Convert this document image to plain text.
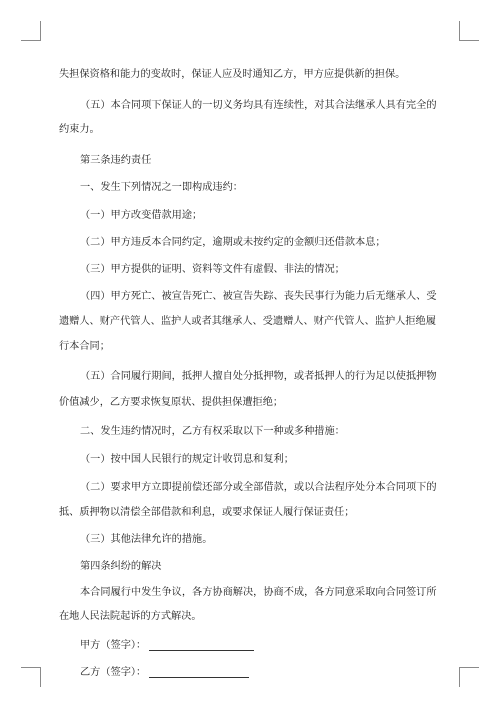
失担保资格和能力的变故时，保证人应及时通知乙方，甲方应提供新的担保。

（五）本合同项下保证人的一切义务均具有连续性，对其合法继承人具有完全的

约束力。

第三条违约责任

一、发生下列情况之一即构成违约：

（一）甲方改变借款用途；

（二）甲方违反本合同约定，逾期或未按约定的金额归还借款本息；

（三）甲方提供的证明、资料等文件有虚假、非法的情况；

（四）甲方死亡、被宣告死亡、被宣告失踪、丧失民事行为能力后无继承人、受

遗赠人、财产代管人、监护人或者其继承人、受遗赠人、财产代管人、监护人拒绝履

行本合同；

（五）合同履行期间，抵押人擅自处分抵押物，或者抵押人的行为足以使抵押物

价值减少，乙方要求恢复原状、提供担保遭拒绝；

二、发生违约情况时，乙方有权采取以下一种或多种措施：

（一）按中国人民银行的规定计收罚息和复利；

（二）要求甲方立即提前偿还部分或全部借款，或以合法程序处分本合同项下的

抵、质押物以清偿全部借款和利息，或要求保证人履行保证责任；

（三）其他法律允许的措施。

第四条纠纷的解决

本合同履行中发生争议，各方协商解决，协商不成，各方同意采取向合同签订所

在地人民法院起诉的方式解决。

甲方（签字）：
乙方（签字）：
